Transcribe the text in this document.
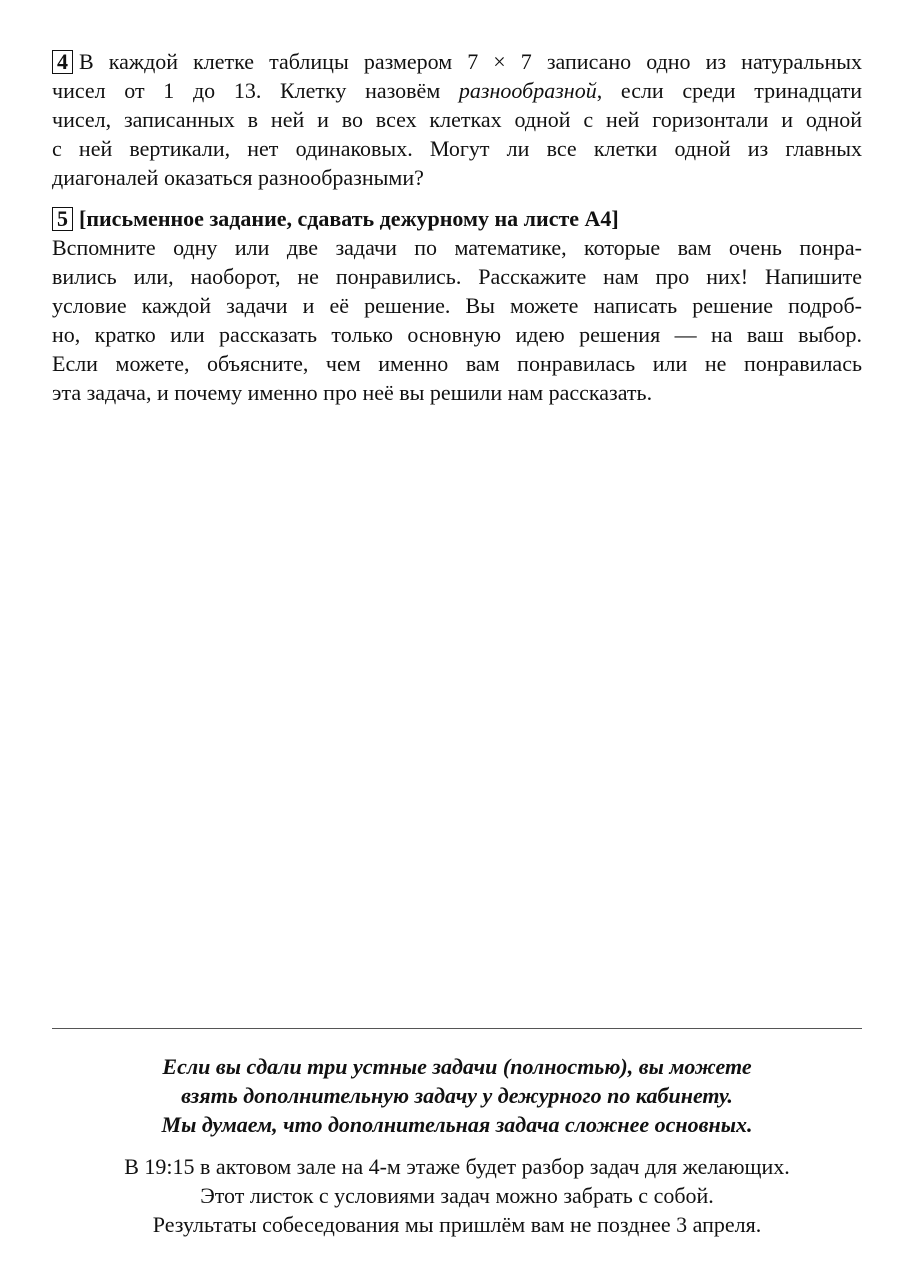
4 В каждой клетке таблицы размером 7 × 7 записано одно из натуральных
чисел от 1 до 13. Клетку назовём разнообразной, если среди тринадцати
чисел, записанных в ней и во всех клетках одной с ней горизонтали и одной
с ней вертикали, нет одинаковых. Могут ли все клетки одной из главных
диагоналей оказаться разнообразными?
5 [письменное задание, сдавать дежурному на листе А4]
Вспомните одну или две задачи по математике, которые вам очень понра-
вились или, наоборот, не понравились. Расскажите нам про них! Напишите
условие каждой задачи и её решение. Вы можете написать решение подроб-
но, кратко или рассказать только основную идею решения — на ваш выбор.
Если можете, объясните, чем именно вам понравилась или не понравилась
эта задача, и почему именно про неё вы решили нам рассказать.
Если вы сдали три устные задачи (полностью), вы можете
взять дополнительную задачу у дежурного по кабинету.
Мы думаем, что дополнительная задача сложнее основных.
В 19:15 в актовом зале на 4-м этаже будет разбор задач для желающих.
Этот листок с условиями задач можно забрать с собой.
Результаты собеседования мы пришлём вам не позднее 3 апреля.
